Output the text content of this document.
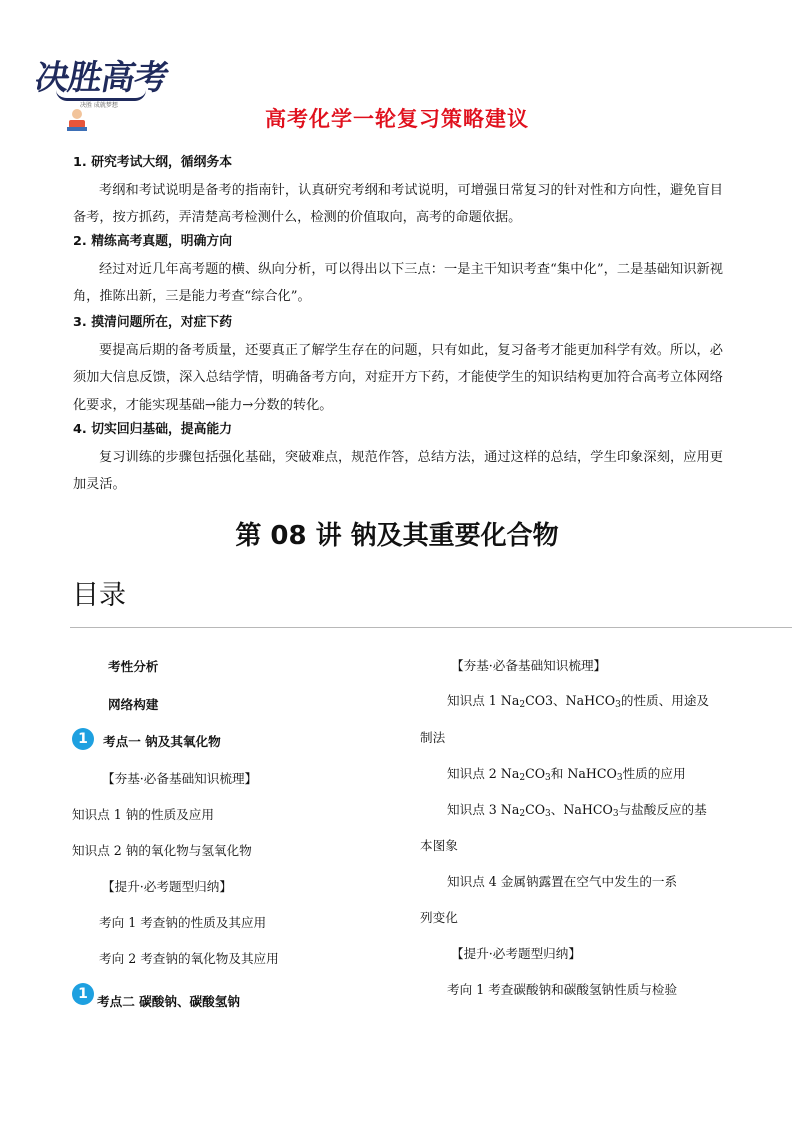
决胜高考
决胜 成就梦想
高考化学一轮复习策略建议
1. 研究考试大纲，循纲务本
考纲和考试说明是备考的指南针，认真研究考纲和考试说明，可增强日常复习的针对性和方向性，避免盲目备考，按方抓药，弄清楚高考检测什么，检测的价值取向，高考的命题依据。
2. 精练高考真题，明确方向
经过对近几年高考题的横、纵向分析，可以得出以下三点：一是主干知识考查“集中化”，二是基础知识新视角，推陈出新，三是能力考查“综合化”。
3. 摸清问题所在，对症下药
要提高后期的备考质量，还要真正了解学生存在的问题，只有如此，复习备考才能更加科学有效。所以，必须加大信息反馈，深入总结学情，明确备考方向，对症开方下药，才能使学生的知识结构更加符合高考立体网络化要求，才能实现基础→能力→分数的转化。
4. 切实回归基础，提高能力
复习训练的步骤包括强化基础，突破难点，规范作答，总结方法，通过这样的总结，学生印象深刻，应用更加灵活。
第 08 讲 钠及其重要化合物
目录
考性分析
网络构建
1	考点一 钠及其氧化物
【夯基·必备基础知识梳理】
知识点 1 钠的性质及应用
知识点 2 钠的氧化物与氢氧化物
【提升·必考题型归纳】
考向 1 考查钠的性质及其应用
考向 2 考查钠的氧化物及其应用
1 考点二 碳酸钠、碳酸氢钠
【夯基·必备基础知识梳理】
知识点 1 $Na_2CO3$、NaHCO$_3$的性质、用途及
制法
知识点 2 $Na_2CO_3$和 NaHCO$_3$性质的应用
知识点 3 $Na_2CO_3$、NaHCO$_3$与盐酸反应的基
本图象
知识点 4 金属钠露置在空气中发生的一系
列变化
【提升·必考题型归纳】
考向 1 考查碳酸钠和碳酸氢钠性质与检验
